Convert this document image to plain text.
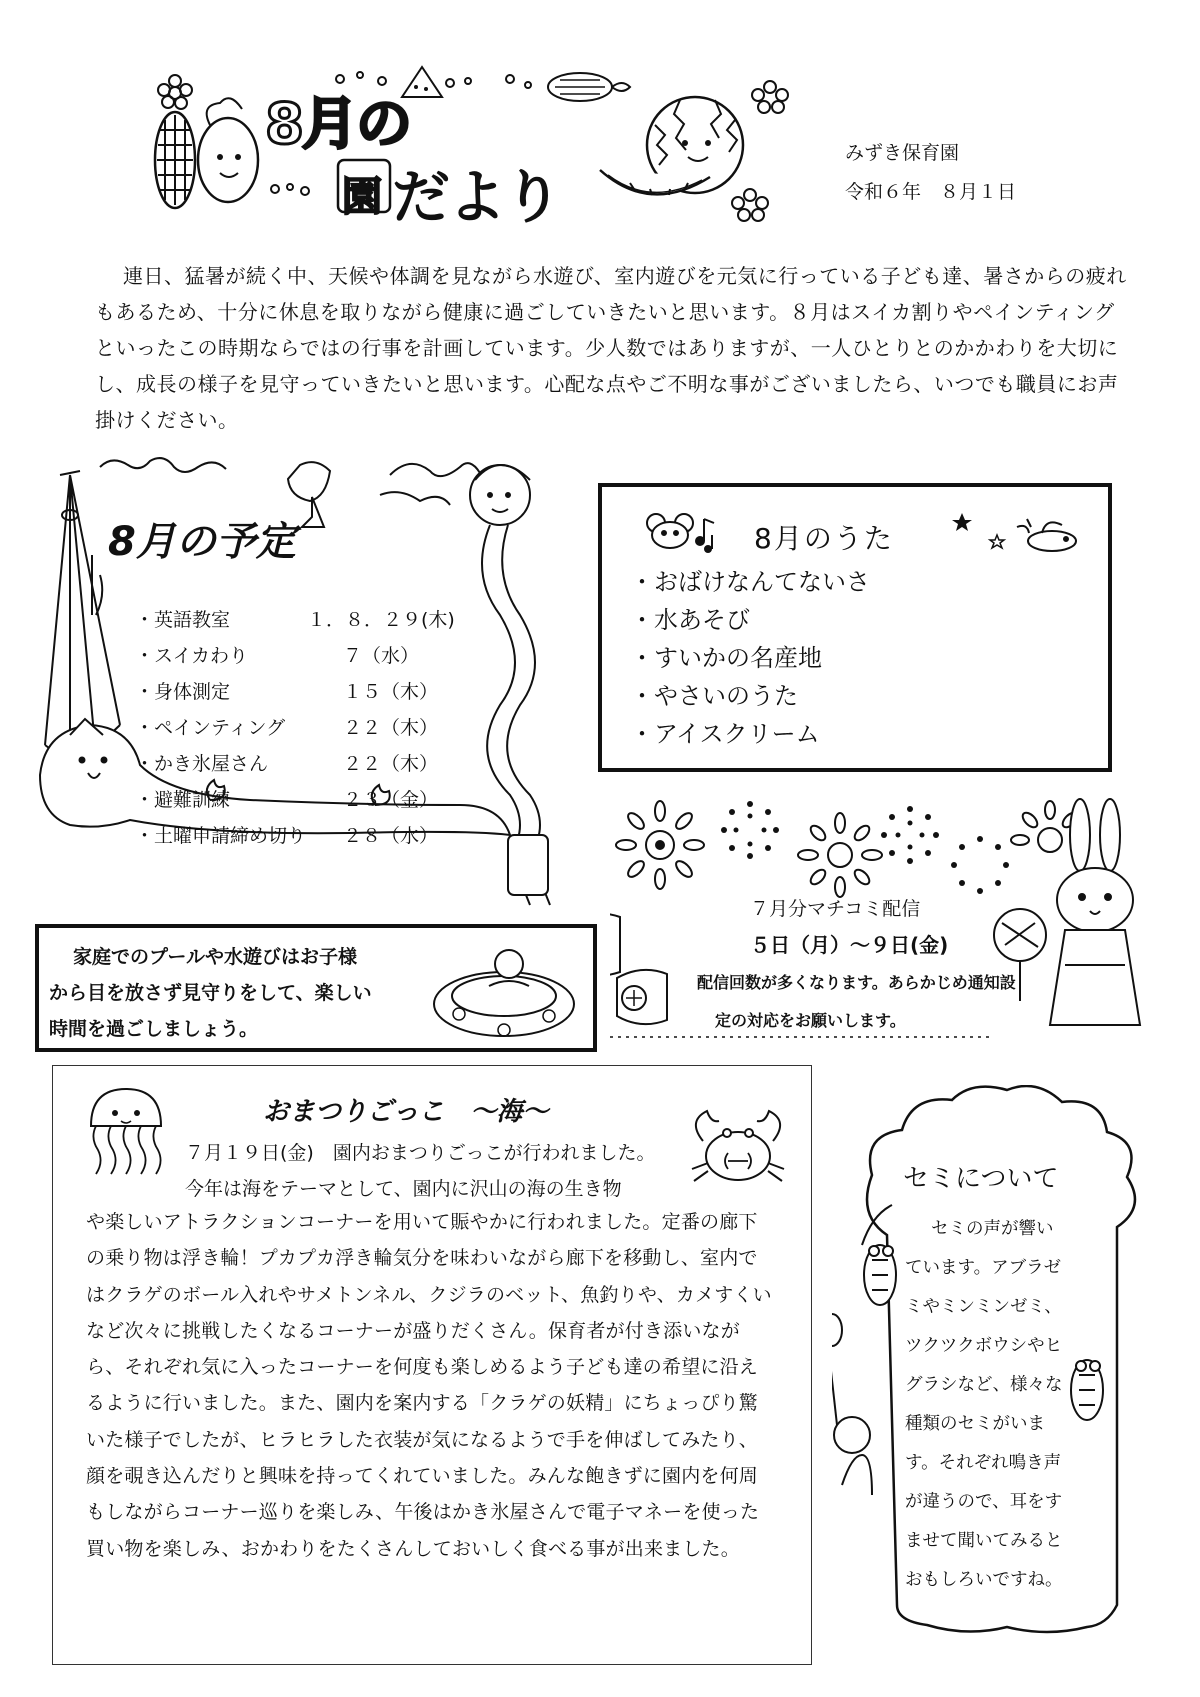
8月の
園 だより
みずき保育園
令和６年　８月１日
連日、猛暑が続く中、天候や体調を見ながら水遊び、室内遊びを元気に行っている子ども達、暑さからの疲れもあるため、十分に休息を取りながら健康に過ごしていきたいと思います。８月はスイカ割りやペインティングといったこの時期ならではの行事を計画しています。少人数ではありますが、一人ひとりとのかかわりを大切にし、成長の様子を見守っていきたいと思います。心配な点やご不明な事がございましたら、いつでも職員にお声掛けください。
8月の予定
・英語教室	１．８．２９(木)
・スイカわり	７（水）
・身体測定	１５（木）
・ペインティング	２２（木）
・かき氷屋さん	２２（木）
・避難訓練	２３（金）
・土曜申請締め切り ２８（水）
8月のうた
・おばけなんてないさ
・水あそび
・すいかの名産地
・やさいのうた
・アイスクリーム
７月分マチコミ配信
５日（月）～９日(金)
配信回数が多くなります。あらかじめ通知設
定の対応をお願いします。
家庭でのプールや水遊びはお子様
から目を放さず見守りをして、楽しい
時間を過ごしましょう。
おまつりごっこ　～海～
７月１９日(金)　園内おまつりごっこが行われました。
今年は海をテーマとして、園内に沢山の海の生き物
や楽しいアトラクションコーナーを用いて賑やかに行われました。定番の廊下の乗り物は浮き輪！プカプカ浮き輪気分を味わいながら廊下を移動し、室内ではクラゲのボール入れやサメトンネル、クジラのベット、魚釣りや、カメすくいなど次々に挑戦したくなるコーナーが盛りだくさん。保育者が付き添いながら、それぞれ気に入ったコーナーを何度も楽しめるよう子ども達の希望に沿えるように行いました。また、園内を案内する「クラゲの妖精」にちょっぴり驚いた様子でしたが、ヒラヒラした衣装が気になるようで手を伸ばしてみたり、顔を覗き込んだりと興味を持ってくれていました。みんな飽きずに園内を何周もしながらコーナー巡りを楽しみ、午後はかき氷屋さんで電子マネーを使った買い物を楽しみ、おかわりをたくさんしておいしく食べる事が出来ました。
セミについて
セミの声が響い
ています。アブラゼ
ミやミンミンゼミ、
ツクツクボウシやヒ
グラシなど、様々な
種類のセミがいま
す。それぞれ鳴き声
が違うので、耳をす
ませて聞いてみると
おもしろいですね。
